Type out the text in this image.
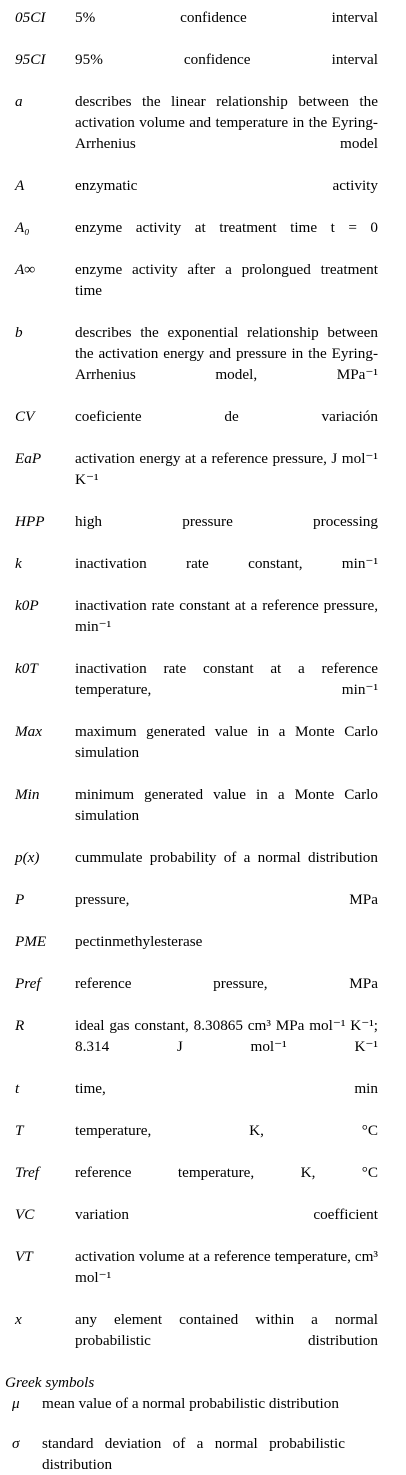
05CI	5% confidence interval
95CI	95% confidence interval
a	describes the linear relationship between the activation volume and temperature in the Eyring-Arrhenius model
A	enzymatic activity
A₀	enzyme activity at treatment time t = 0
A∞	enzyme activity after a prolongued treatment time
b	describes the exponential relationship between the activation energy and pressure in the Eyring-Arrhenius model, MPa⁻¹
CV	coeficiente de variación
EaP	activation energy at a reference pressure, J mol⁻¹ K⁻¹
HPP	high pressure processing
k	inactivation rate constant, min⁻¹
k0P	inactivation rate constant at a reference pressure, min⁻¹
k0T	inactivation rate constant at a reference temperature, min⁻¹
Max	maximum generated value in a Monte Carlo simulation
Min	minimum generated value in a Monte Carlo simulation
p(x)	cummulate probability of a normal distribution
P	pressure, MPa
PME	pectinmethylesterase
Pref	reference pressure, MPa
R	ideal gas constant, 8.30865 cm³ MPa mol⁻¹ K⁻¹; 8.314 J mol⁻¹ K⁻¹
t	time, min
T	temperature, K, °C
Tref	reference temperature, K, °C
VC	variation coefficient
VT	activation volume at a reference temperature, cm³ mol⁻¹
x	any element contained within a normal probabilistic distribution
Greek symbols
μ	mean value of a normal probabilistic distribution
σ	standard deviation of a normal probabilistic distribution
